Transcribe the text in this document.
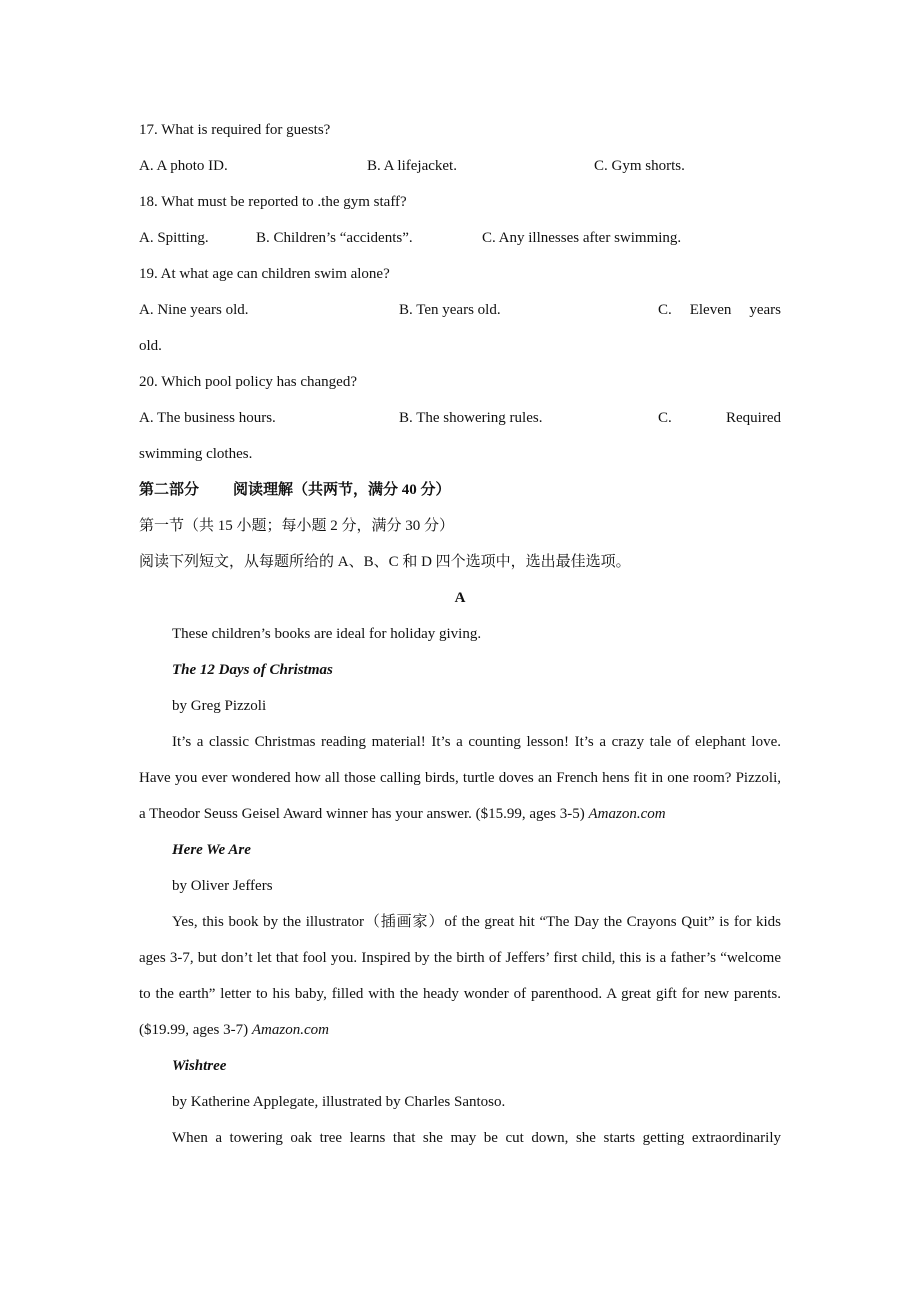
17. What is required for guests?
A. A photo ID.	B. A lifejacket.	C. Gym shorts.
18. What must be reported to .the gym staff?
A. Spitting.	B. Children’s “accidents”.	C. Any illnesses after swimming.
19. At what age can children swim alone?
A. Nine years old.	B. Ten years old.	C. Eleven years
old.
20. Which pool policy has changed?
A. The business hours.	B. The showering rules.	C.	Required
swimming clothes.
第二部分 阅读理解（共两节，满分 40 分）
第一节（共 15 小题；每小题 2 分，满分 30 分）
阅读下列短文，从每题所给的 A、B、C 和 D 四个选项中，选出最佳选项。
A
These children’s books are ideal for holiday giving.
The 12 Days of Christmas
by Greg Pizzoli
It’s a classic Christmas reading material! It’s a counting lesson! It’s a crazy tale of elephant love. Have you ever wondered how all those calling birds, turtle doves an French hens fit in one room? Pizzoli, a Theodor Seuss Geisel Award winner has your answer. ($15.99, ages 3-5) Amazon.com
Here We Are
by Oliver Jeffers
Yes, this book by the illustrator（插画家）of the great hit “The Day the Crayons Quit” is for kids ages 3-7, but don’t let that fool you. Inspired by the birth of Jeffers’ first child, this is a father’s “welcome to the earth” letter to his baby, filled with the heady wonder of parenthood. A great gift for new parents. ($19.99, ages 3-7) Amazon.com
Wishtree
by Katherine Applegate, illustrated by Charles Santoso.
When a towering oak tree learns that she may be cut down, she starts getting extraordinarily
